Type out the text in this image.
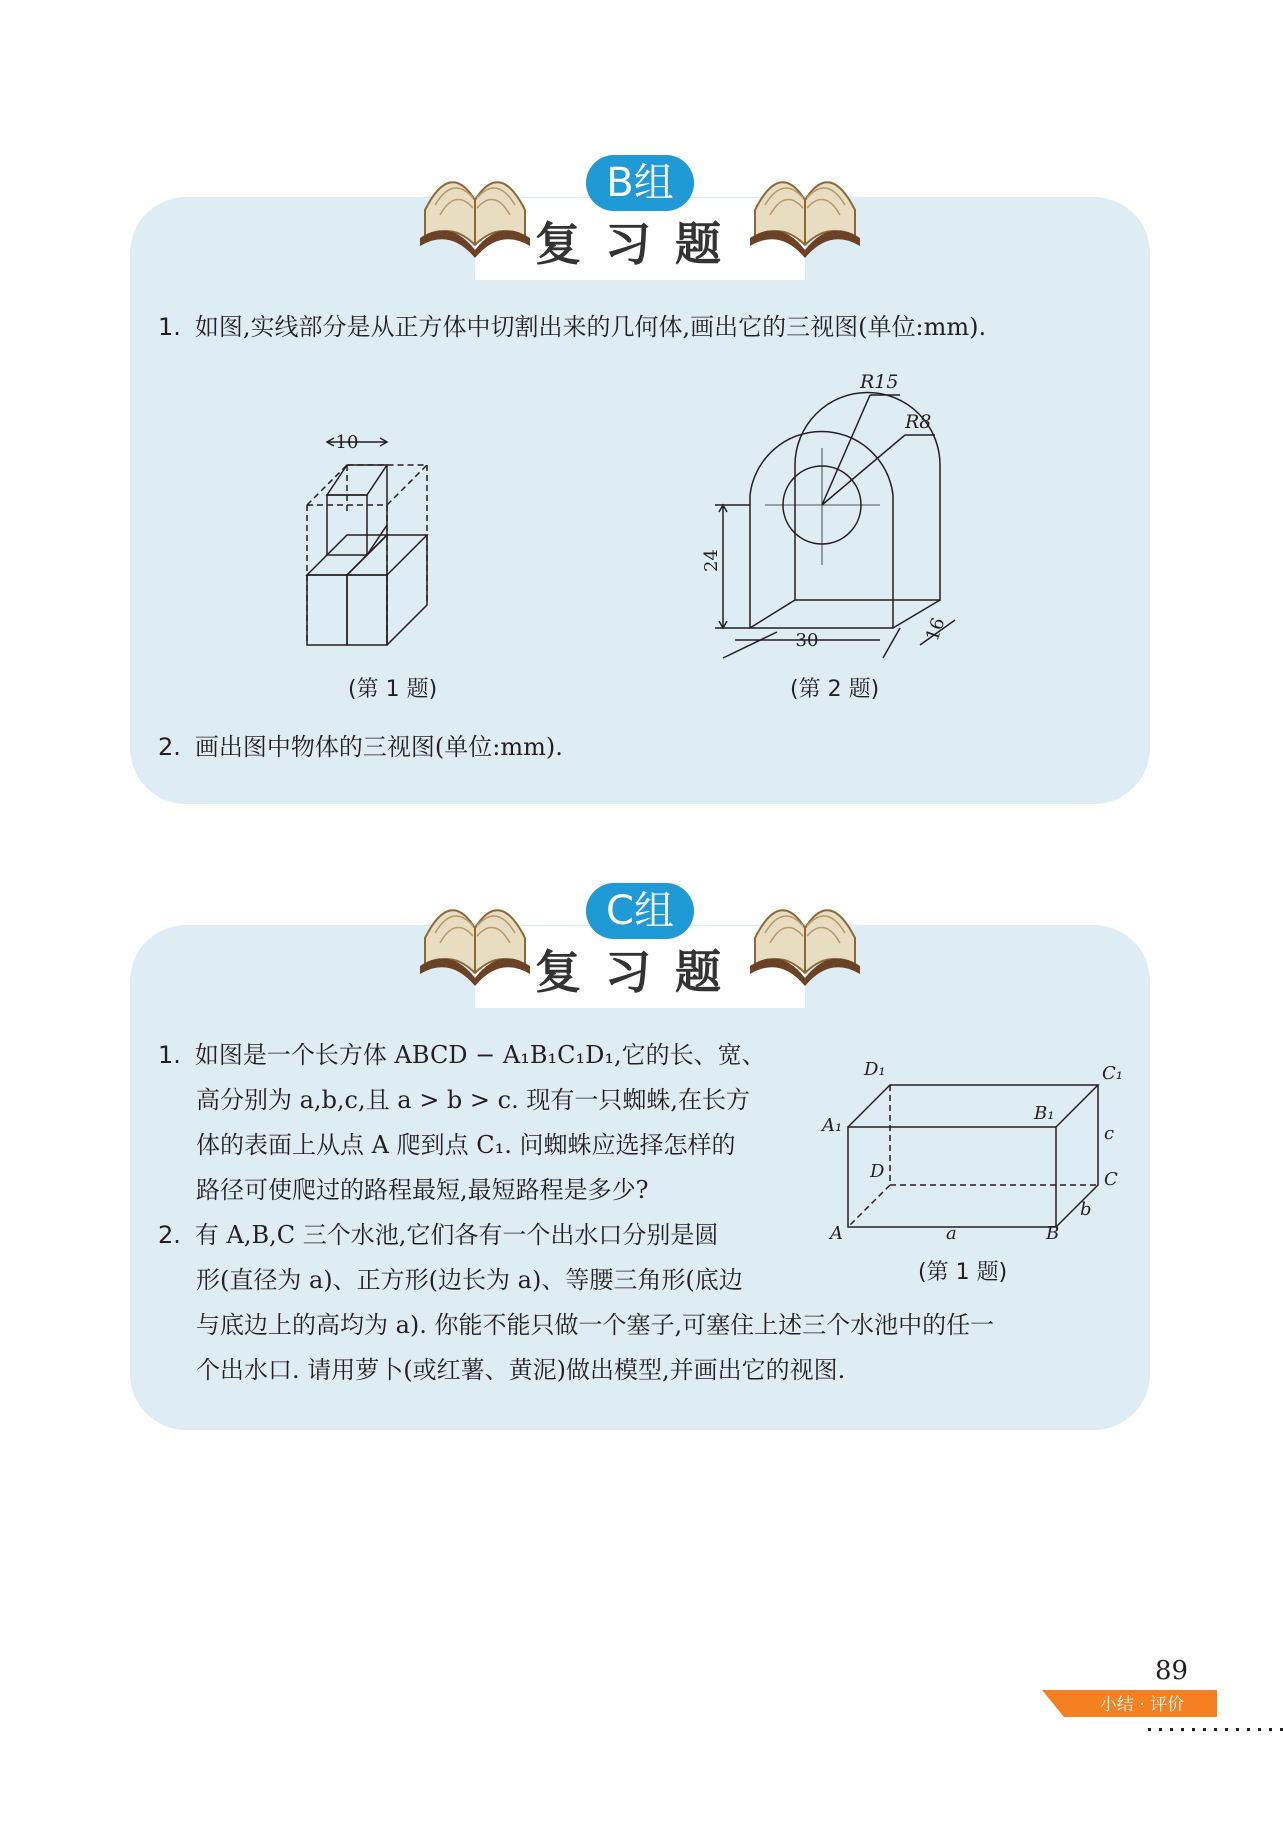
B组
复习题
1. 如图,实线部分是从正方体中切割出来的几何体,画出它的三视图(单位:mm).
10
(第 1 题)
R15
R8
24
30	16
(第 2 题)
2. 画出图中物体的三视图(单位:mm).
C组
复习题
1. 如图是一个长方体 ABCD − A₁B₁C₁D₁,它的长、宽、
高分别为 a,b,c,且 a > b > c. 现有一只蜘蛛,在长方
体的表面上从点 A 爬到点 C₁. 问蜘蛛应选择怎样的
路径可使爬过的路程最短,最短路程是多少?
2. 有 A,B,C 三个水池,它们各有一个出水口分别是圆
形(直径为 a)、正方形(边长为 a)、等腰三角形(底边
与底边上的高均为 a). 你能不能只做一个塞子,可塞住上述三个水池中的任一
个出水口. 请用萝卜(或红薯、黄泥)做出模型,并画出它的视图.
D₁	C₁
B₁
A₁
D	C
A	B
a
b
c
(第 1 题)
89
小结 · 评价
